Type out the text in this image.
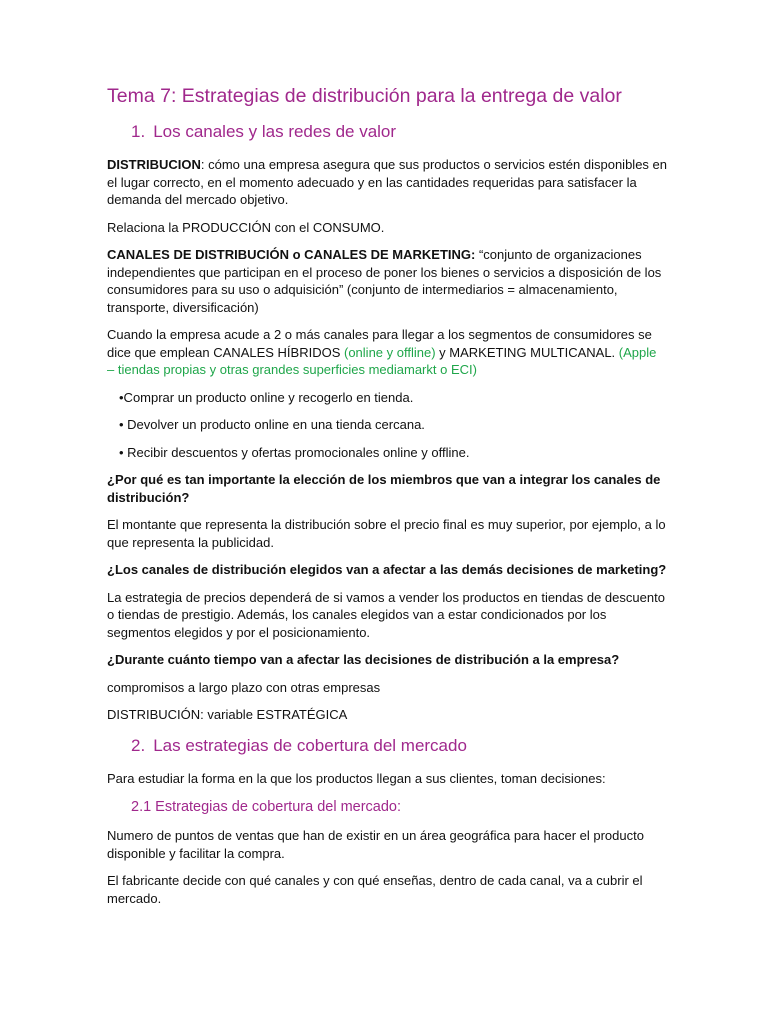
Tema 7: Estrategias de distribución para la entrega de valor
1. Los canales y las redes de valor

DISTRIBUCION: cómo una empresa asegura que sus productos o servicios estén disponibles en el lugar correcto, en el momento adecuado y en las cantidades requeridas para satisfacer la demanda del mercado objetivo.

Relaciona la PRODUCCIÓN con el CONSUMO.

CANALES DE DISTRIBUCIÓN o CANALES DE MARKETING: “conjunto de organizaciones independientes que participan en el proceso de poner los bienes o servicios a disposición de los consumidores para su uso o adquisición” (conjunto de intermediarios = almacenamiento, transporte, diversificación)

Cuando la empresa acude a 2 o más canales para llegar a los segmentos de consumidores se dice que emplean CANALES HÍBRIDOS (online y offline) y MARKETING MULTICANAL. (Apple – tiendas propias y otras grandes superficies mediamarkt o ECI)

•Comprar un producto online y recogerlo en tienda.

• Devolver un producto online en una tienda cercana.

• Recibir descuentos y ofertas promocionales online y offline.

¿Por qué es tan importante la elección de los miembros que van a integrar los canales de distribución?

El montante que representa la distribución sobre el precio final es muy superior, por ejemplo, a lo que representa la publicidad.

¿Los canales de distribución elegidos van a afectar a las demás decisiones de marketing?

La estrategia de precios dependerá de si vamos a vender los productos en tiendas de descuento o tiendas de prestigio. Además, los canales elegidos van a estar condicionados por los segmentos elegidos y por el posicionamiento.

¿Durante cuánto tiempo van a afectar las decisiones de distribución a la empresa?

compromisos a largo plazo con otras empresas

DISTRIBUCIÓN: variable ESTRATÉGICA

2. Las estrategias de cobertura del mercado

Para estudiar la forma en la que los productos llegan a sus clientes, toman decisiones:

2.1 Estrategias de cobertura del mercado:

Numero de puntos de ventas que han de existir en un área geográfica para hacer el producto disponible y facilitar la compra.

El fabricante decide con qué canales y con qué enseñas, dentro de cada canal, va a cubrir el mercado.
